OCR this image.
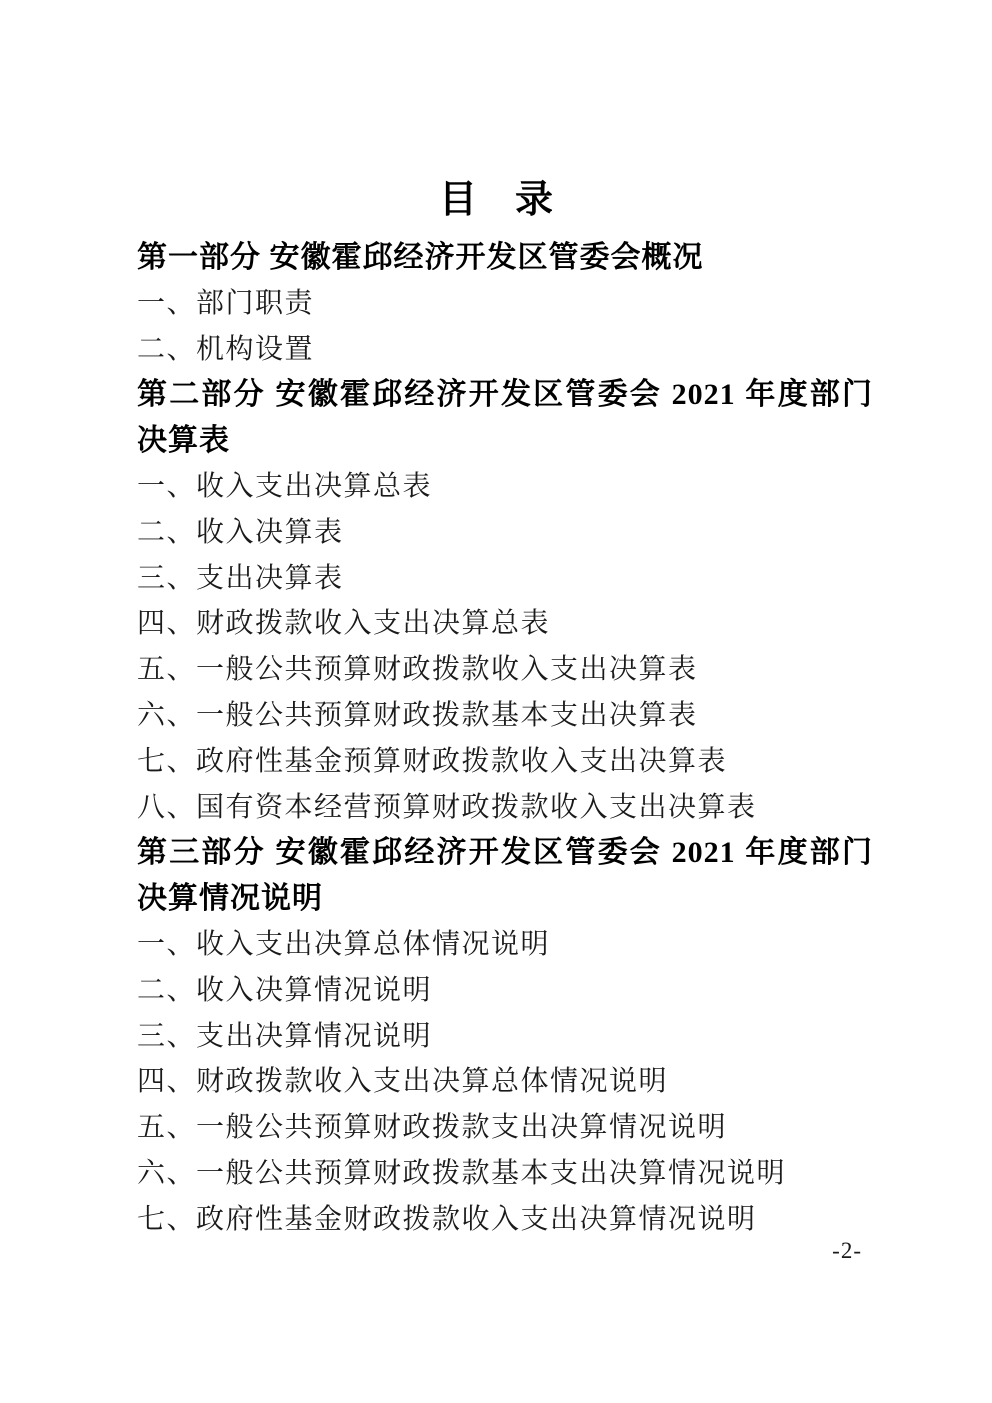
目　录
第一部分 安徽霍邱经济开发区管委会概况
一、部门职责
二、机构设置
第二部分 安徽霍邱经济开发区管委会 2021 年度部门决算表
一、收入支出决算总表
二、收入决算表
三、支出决算表
四、财政拨款收入支出决算总表
五、一般公共预算财政拨款收入支出决算表
六、一般公共预算财政拨款基本支出决算表
七、政府性基金预算财政拨款收入支出决算表
八、国有资本经营预算财政拨款收入支出决算表
第三部分 安徽霍邱经济开发区管委会 2021 年度部门决算情况说明
一、收入支出决算总体情况说明
二、收入决算情况说明
三、支出决算情况说明
四、财政拨款收入支出决算总体情况说明
五、一般公共预算财政拨款支出决算情况说明
六、一般公共预算财政拨款基本支出决算情况说明
七、政府性基金财政拨款收入支出决算情况说明
-2-
